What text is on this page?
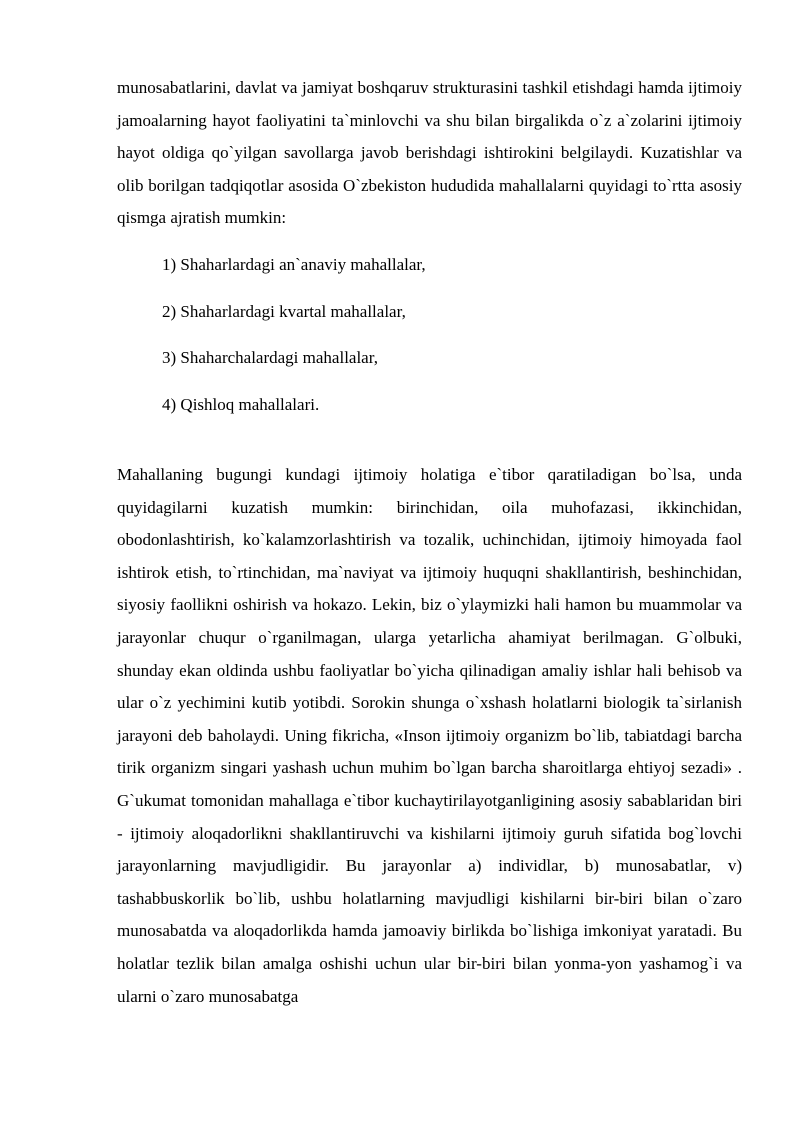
munosabatlarini, davlat va jamiyat boshqaruv strukturasini tashkil etishdagi hamda ijtimoiy jamoalarning hayot faoliyatini ta`minlovchi va shu bilan birgalikda o`z a`zolarini ijtimoiy hayot oldiga qo`yilgan savollarga javob berishdagi ishtirokini belgilaydi. Kuzatishlar va olib borilgan tadqiqotlar asosida O`zbekiston hududida mahallalarni quyidagi to`rtta asosiy qismga ajratish mumkin:

1) Shaharlardagi an`anaviy mahallalar,
2) Shaharlardagi kvartal mahallalar,
3) Shaharchalardagi mahallalar,
4) Qishloq mahallalari.

Mahallaning bugungi kundagi ijtimoiy holatiga e`tibor qaratiladigan bo`lsa, unda quyidagilarni kuzatish mumkin: birinchidan, oila muhofazasi, ikkinchidan, obodonlashtirish, ko`kalamzorlashtirish va tozalik, uchinchidan, ijtimoiy himoyada faol ishtirok etish, to`rtinchidan, ma`naviyat va ijtimoiy huquqni shakllantirish, beshinchidan, siyosiy faollikni oshirish va hokazo. Lekin, biz o`ylaymizki hali hamon bu muammolar va jarayonlar chuqur o`rganilmagan, ularga yetarlicha ahamiyat berilmagan. G`olbuki, shunday ekan oldinda ushbu faoliyatlar bo`yicha qilinadigan amaliy ishlar hali behisob va ular o`z yechimini kutib yotibdi. Sorokin shunga o`xshash holatlarni biologik ta`sirlanish jarayoni deb baholaydi. Uning fikricha, «Inson ijtimoiy organizm bo`lib, tabiatdagi barcha tirik organizm singari yashash uchun muhim bo`lgan barcha sharoitlarga ehtiyoj sezadi» . G`ukumat tomonidan mahallaga e`tibor kuchaytirilayotganligining asosiy sabablaridan biri - ijtimoiy aloqadorlikni shakllantiruvchi va kishilarni ijtimoiy guruh sifatida bog`lovchi jarayonlarning mavjudligidir. Bu jarayonlar a) individlar, b) munosabatlar, v) tashabbuskorlik bo`lib, ushbu holatlarning mavjudligi kishilarni bir-biri bilan o`zaro munosabatda va aloqadorlikda hamda jamoaviy birlikda bo`lishiga imkoniyat yaratadi. Bu holatlar tezlik bilan amalga oshishi uchun ular bir-biri bilan yonma-yon yashamog`i va ularni o`zaro munosabatga
